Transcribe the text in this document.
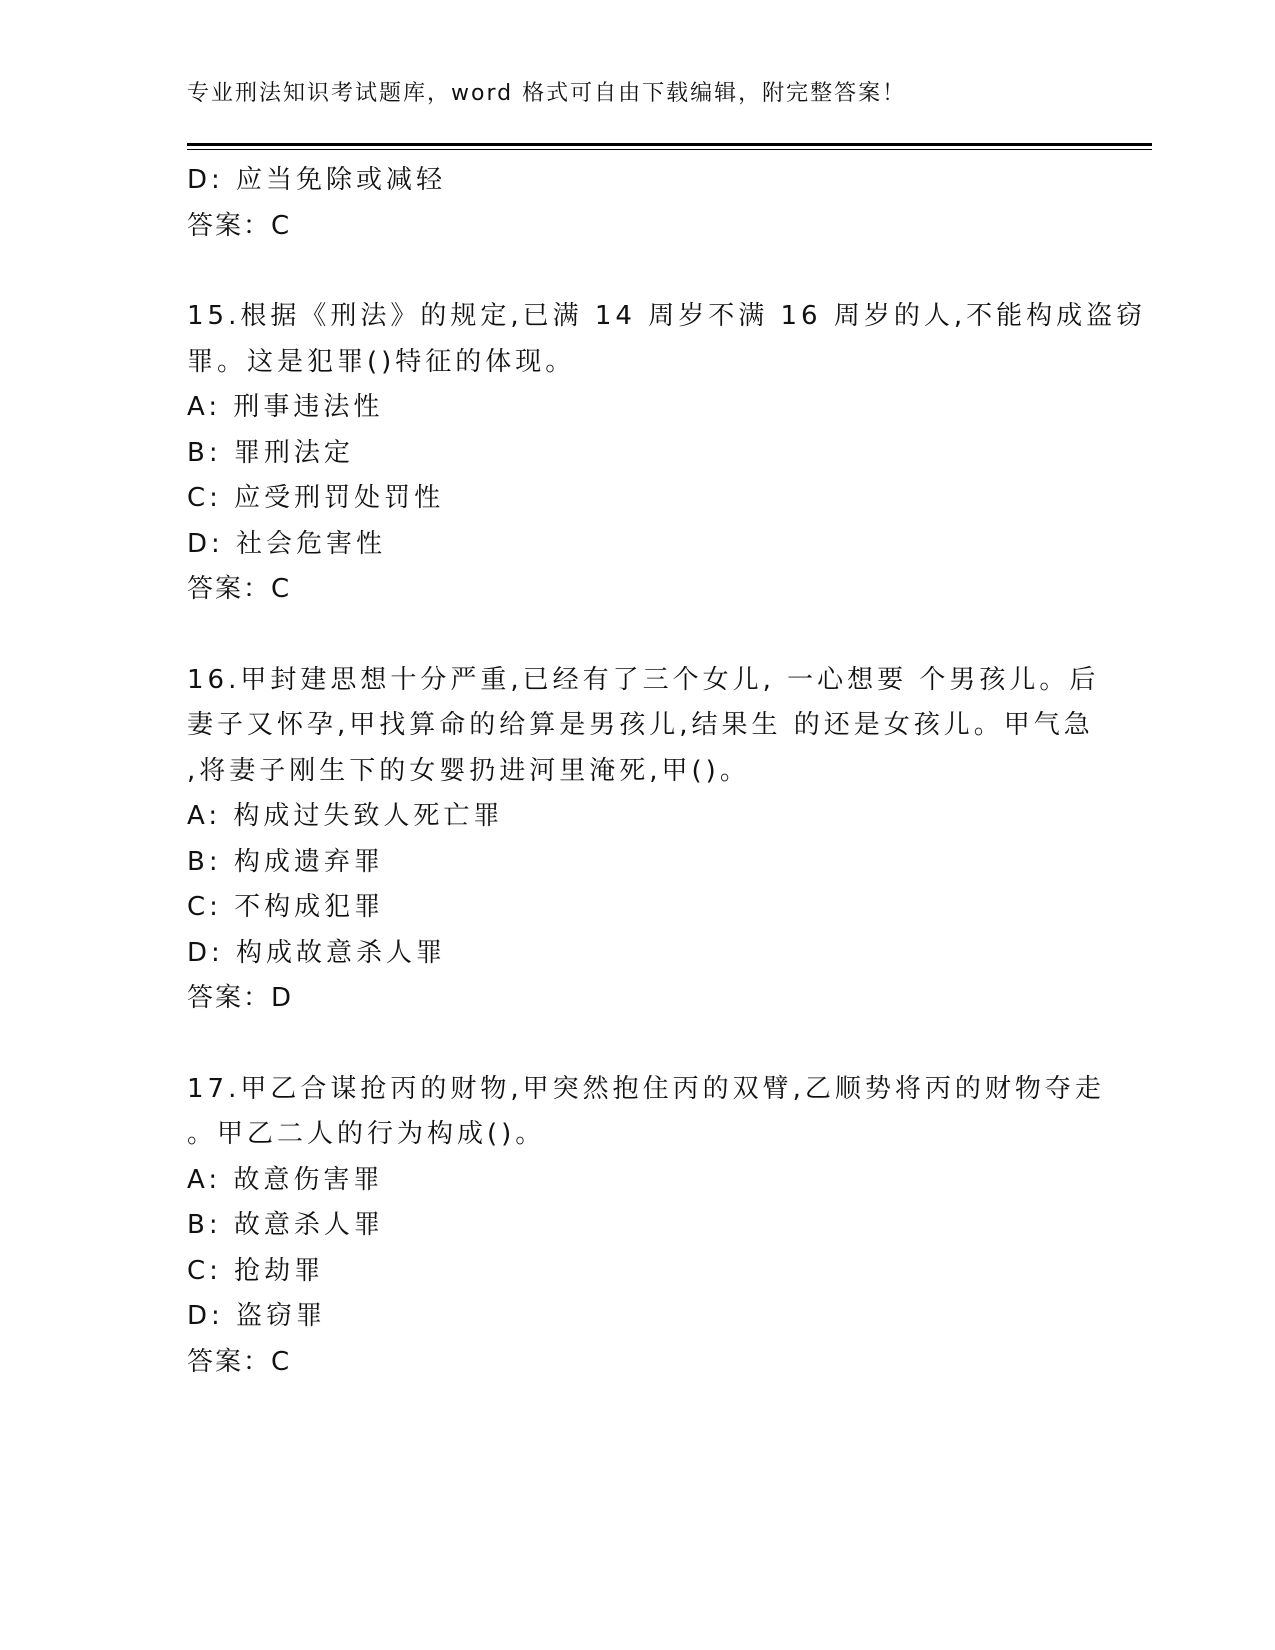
专业刑法知识考试题库，word 格式可自由下载编辑，附完整答案！
D: 应当免除或减轻
答案：C
15.根据《刑法》的规定,已满 14 周岁不满 16 周岁的人,不能构成盗窃
罪。这是犯罪()特征的体现。
A: 刑事违法性
B: 罪刑法定
C: 应受刑罚处罚性
D: 社会危害性
答案：C
16.甲封建思想十分严重,已经有了三个女儿, 一心想要 个男孩儿。后
妻子又怀孕,甲找算命的给算是男孩儿,结果生 的还是女孩儿。甲气急
,将妻子刚生下的女婴扔进河里淹死,甲()。
A: 构成过失致人死亡罪
B: 构成遗弃罪
C: 不构成犯罪
D: 构成故意杀人罪
答案：D
17.甲乙合谋抢丙的财物,甲突然抱住丙的双臂,乙顺势将丙的财物夺走
。甲乙二人的行为构成()。
A: 故意伤害罪
B: 故意杀人罪
C: 抢劫罪
D: 盗窃罪
答案：C
